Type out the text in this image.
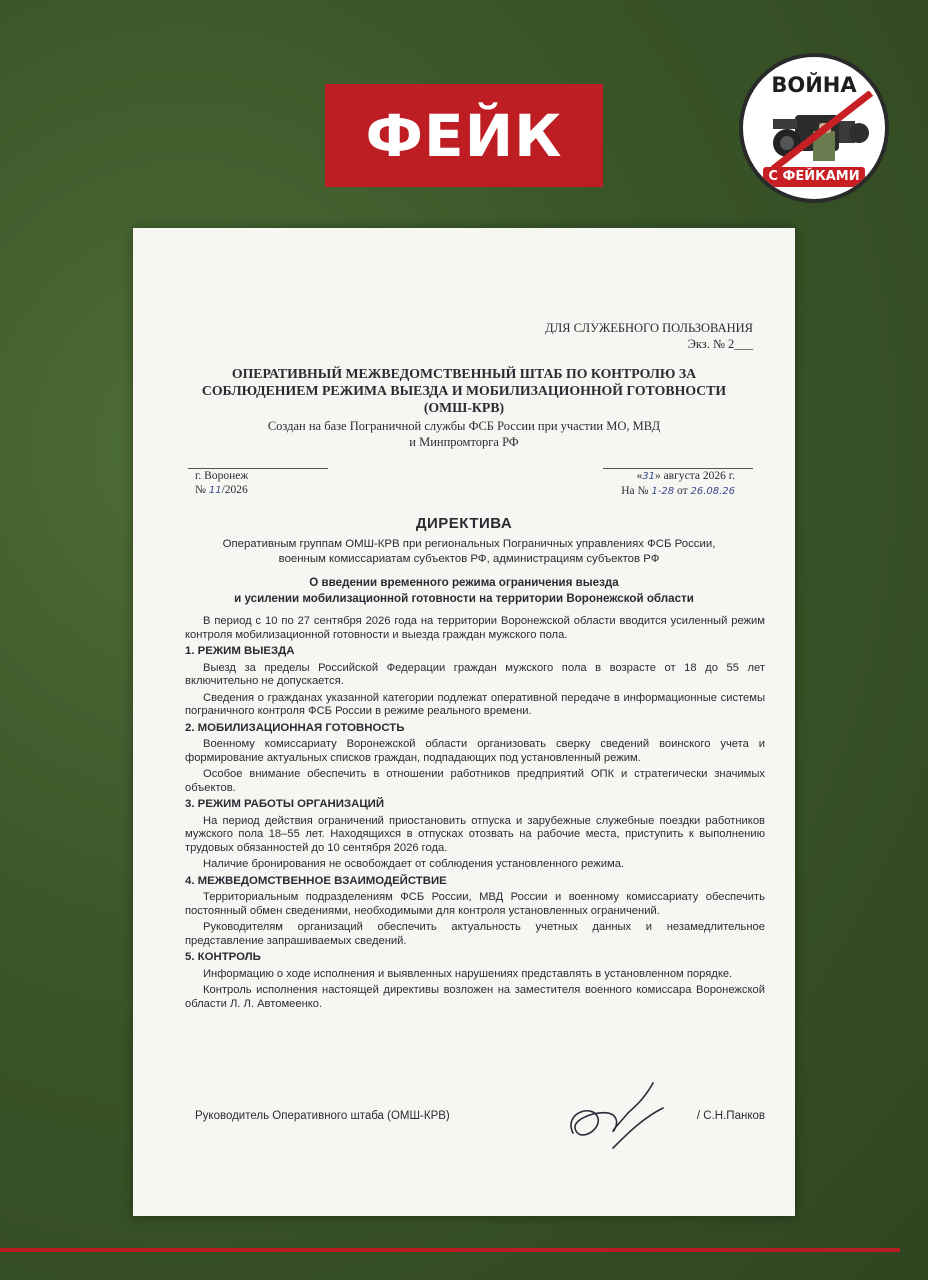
ФЕЙК
ВОЙНА
С ФЕЙКАМИ
ДЛЯ СЛУЖЕБНОГО ПОЛЬЗОВАНИЯ
Экз. № 2___
ОПЕРАТИВНЫЙ МЕЖВЕДОМСТВЕННЫЙ ШТАБ ПО КОНТРОЛЮ ЗА
СОБЛЮДЕНИЕМ РЕЖИМА ВЫЕЗДА И МОБИЛИЗАЦИОННОЙ ГОТОВНОСТИ
(ОМШ-КРВ)
Создан на базе Пограничной службы ФСБ России при участии МО, МВД
и Минпромторга РФ
г. Воронеж
№ 11/2026
«31» августа 2026 г.
На № 1-28 от 26.08.26
ДИРЕКТИВА
Оперативным группам ОМШ-КРВ при региональных Пограничных управлениях ФСБ России,
военным комиссариатам субъектов РФ, администрациям субъектов РФ
О введении временного режима ограничения выезда
и усилении мобилизационной готовности на территории Воронежской области

В период с 10 по 27 сентября 2026 года на территории Воронежской области вводится усиленный режим контроля мобилизационной готовности и выезда граждан мужского пола.

1. РЕЖИМ ВЫЕЗДА

Выезд за пределы Российской Федерации граждан мужского пола в возрасте от 18 до 55 лет включительно не допускается.

Сведения о гражданах указанной категории подлежат оперативной передаче в информационные системы пограничного контроля ФСБ России в режиме реального времени.

2. МОБИЛИЗАЦИОННАЯ ГОТОВНОСТЬ

Военному комиссариату Воронежской области организовать сверку сведений воинского учета и формирование актуальных списков граждан, подпадающих под установленный режим.

Особое внимание обеспечить в отношении работников предприятий ОПК и стратегически значимых объектов.

3. РЕЖИМ РАБОТЫ ОРГАНИЗАЦИЙ

На период действия ограничений приостановить отпуска и зарубежные служебные поездки работников мужского пола 18–55 лет. Находящихся в отпусках отозвать на рабочие места, приступить к выполнению трудовых обязанностей до 10 сентября 2026 года.

Наличие бронирования не освобождает от соблюдения установленного режима.

4. МЕЖВЕДОМСТВЕННОЕ ВЗАИМОДЕЙСТВИЕ

Территориальным подразделениям ФСБ России, МВД России и военному комиссариату обеспечить постоянный обмен сведениями, необходимыми для контроля установленных ограничений.

Руководителям организаций обеспечить актуальность учетных данных и незамедлительное представление запрашиваемых сведений.

5. КОНТРОЛЬ

Информацию о ходе исполнения и выявленных нарушениях представлять в установленном порядке.

Контроль исполнения настоящей директивы возложен на заместителя военного комиссара Воронежской области Л. Л. Автомеенко.

Руководитель Оперативного штаба (ОМШ-КРВ)	/ С.Н.Панков
